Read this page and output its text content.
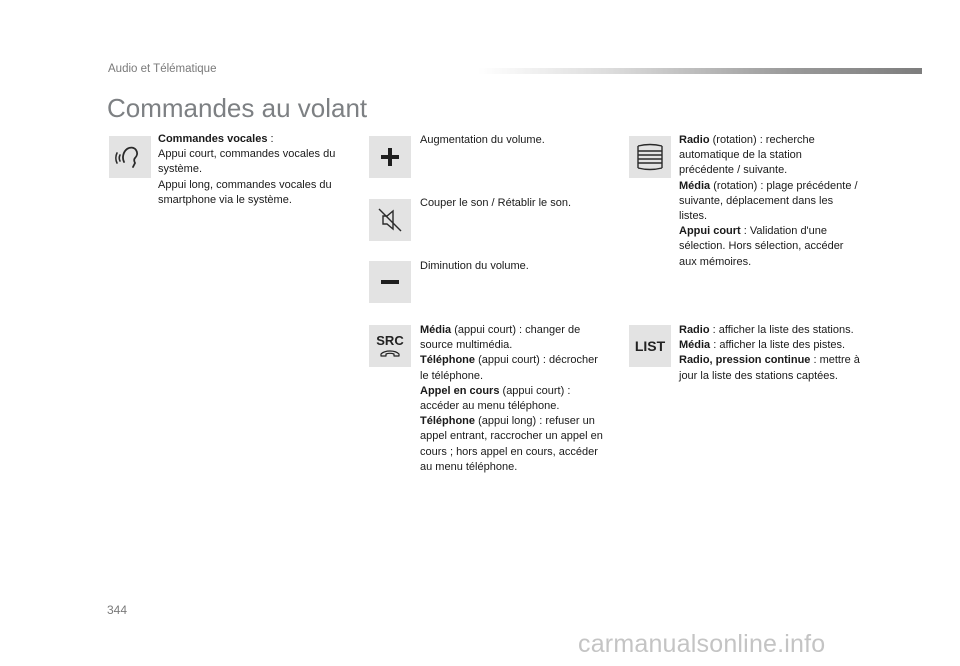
Audio et Télématique
Commandes au volant
Commandes vocales :
Appui court, commandes vocales du
système.
Appui long, commandes vocales du
smartphone via le système.
Augmentation du volume.
Couper le son / Rétablir le son.
Diminution du volume.
SRC
Média (appui court) : changer de
source multimédia.
Téléphone (appui court) : décrocher
le téléphone.
Appel en cours (appui court) :
accéder au menu téléphone.
Téléphone (appui long) : refuser un
appel entrant, raccrocher un appel en
cours ; hors appel en cours, accéder
au menu téléphone.
Radio (rotation) : recherche
automatique de la station
précédente / suivante.
Média (rotation) : plage précédente /
suivante, déplacement dans les
listes.
Appui court : Validation d'une
sélection. Hors sélection, accéder
aux mémoires.
LIST
Radio : afficher la liste des stations.
Média : afficher la liste des pistes.
Radio, pression continue : mettre à
jour la liste des stations captées.
344
carmanualsonline.info
